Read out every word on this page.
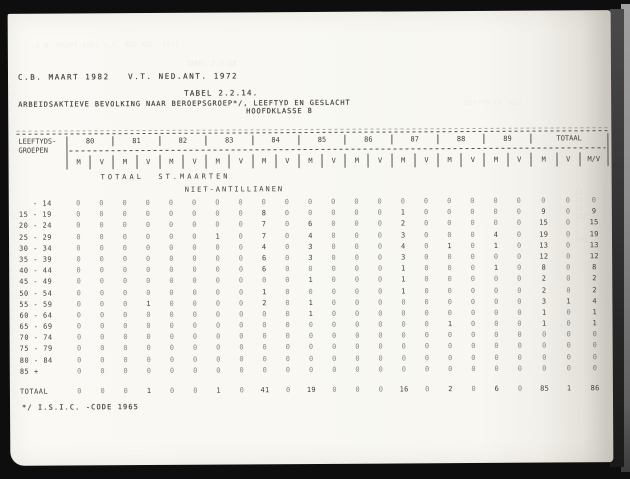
C.B. MAART 1982 V.T. NED.ANT. 1972
TABEL 2.2.15
LEEFTYD EN GESL
11
17
13
117
2
9
101
C.B. MAART 1982   V.T. NED.ANT. 1972
TABEL 2.2.14.
ARBEIDSAKTIEVE BEVOLKING NAAR BEROEPSGROEP*/, LEEFTYD EN GESLACHT
HOOFDKLASSE 8
LEEFTYDS-	80	81	82	83	84	85	86	87	88	89	TOTAAL
GROEPEN
M	V	M	V	M	V	M	V	M	V	M	V	M	V	M	V	M	V	M	V	M	V	M/V
TOTAAL  ST.MAARTEN
NIET-ANTILLIANEN
- 14	0	0	0	0	0	0	0	0	0	0	0	0	0	0	0	0	0	0	0	0	0	0	0
15 - 19	0	0	0	0	0	0	0	0	8	0	0	0	0	0	1	0	0	0	0	0	9	0	9
20 - 24	0	0	0	0	0	0	0	0	7	0	6	0	0	0	2	0	0	0	0	0	15	0	15
25 - 29	0	0	0	0	0	0	1	0	7	0	4	0	0	0	3	0	0	0	4	0	19	0	19
30 - 34	0	0	0	0	0	0	0	0	4	0	3	0	0	0	4	0	1	0	1	0	13	0	13
35 - 39	0	0	0	0	0	0	0	0	6	0	3	0	0	0	3	0	0	0	0	0	12	0	12
40 - 44	0	0	0	0	0	0	0	0	6	0	0	0	0	0	1	0	0	0	1	0	8	0	8
45 - 49	0	0	0	0	0	0	0	0	0	0	1	0	0	0	1	0	0	0	0	0	2	0	2
50 - 54	0	0	0	0	0	0	0	0	1	0	0	0	0	0	1	0	0	0	0	0	2	0	2
55 - 59	0	0	0	1	0	0	0	0	2	0	1	0	0	0	0	0	0	0	0	0	3	1	4
60 - 64	0	0	0	0	0	0	0	0	0	0	1	0	0	0	0	0	0	0	0	0	1	0	1
65 - 69	0	0	0	0	0	0	0	0	0	0	0	0	0	0	0	0	1	0	0	0	1	0	1
70 - 74	0	0	0	0	0	0	0	0	0	0	0	0	0	0	0	0	0	0	0	0	0	0	0
75 - 79	0	0	0	0	0	0	0	0	0	0	0	0	0	0	0	0	0	0	0	0	0	0	0
80 - 84	0	0	0	0	0	0	0	0	0	0	0	0	0	0	0	0	0	0	0	0	0	0	0
85 +	0	0	0	0	0	0	0	0	0	0	0	0	0	0	0	0	0	0	0	0	0	0	0
TOTAAL	0	0	0	1	0	0	1	0	41	0	19	0	0	0	16	0	2	0	6	0	85	1	86
*/ I.S.I.C. -CODE 1965
